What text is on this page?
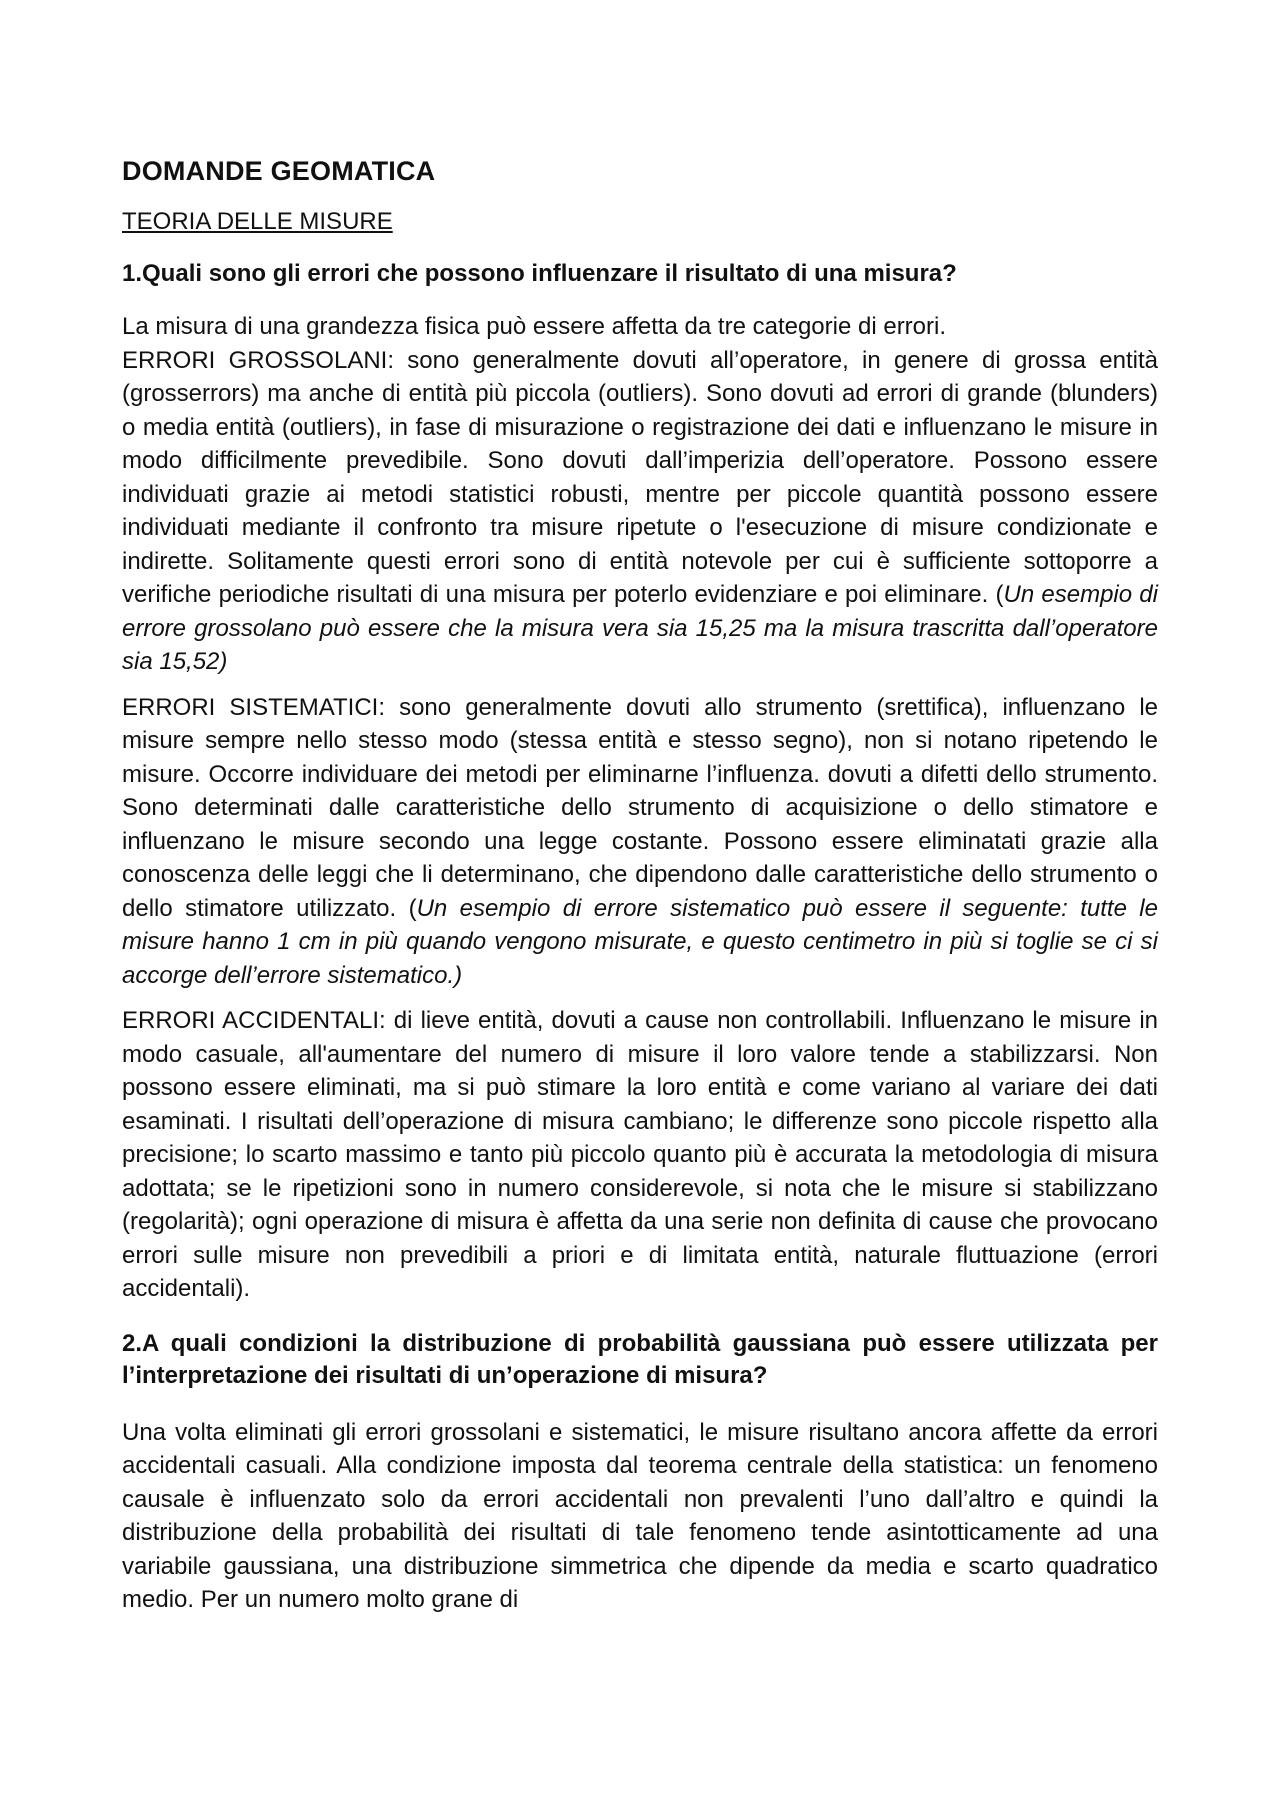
DOMANDE GEOMATICA
TEORIA DELLE MISURE
1.Quali sono gli errori che possono influenzare il risultato di una misura?
La misura di una grandezza fisica può essere affetta da tre categorie di errori.
ERRORI GROSSOLANI: sono generalmente dovuti all’operatore, in genere di grossa entità (grosserrors) ma anche di entità più piccola (outliers). Sono dovuti ad errori di grande (blunders) o media entità (outliers), in fase di misurazione o registrazione dei dati e influenzano le misure in modo difficilmente prevedibile. Sono dovuti dall’imperizia dell’operatore. Possono essere individuati grazie ai metodi statistici robusti, mentre per piccole quantità possono essere individuati mediante il confronto tra misure ripetute o l'esecuzione di misure condizionate e indirette. Solitamente questi errori sono di entità notevole per cui è sufficiente sottoporre a verifiche periodiche risultati di una misura per poterlo evidenziare e poi eliminare. (Un esempio di errore grossolano può essere che la misura vera sia 15,25 ma la misura trascritta dall’operatore sia 15,52)
ERRORI SISTEMATICI: sono generalmente dovuti allo strumento (srettifica), influenzano le misure sempre nello stesso modo (stessa entità e stesso segno), non si notano ripetendo le misure. Occorre individuare dei metodi per eliminarne l’influenza. dovuti a difetti dello strumento. Sono determinati dalle caratteristiche dello strumento di acquisizione o dello stimatore e influenzano le misure secondo una legge costante. Possono essere eliminatati grazie alla conoscenza delle leggi che li determinano, che dipendono dalle caratteristiche dello strumento o dello stimatore utilizzato. (Un esempio di errore sistematico può essere il seguente: tutte le misure hanno 1 cm in più quando vengono misurate, e questo centimetro in più si toglie se ci si accorge dell’errore sistematico.)
ERRORI ACCIDENTALI: di lieve entità, dovuti a cause non controllabili. Influenzano le misure in modo casuale, all'aumentare del numero di misure il loro valore tende a stabilizzarsi. Non possono essere eliminati, ma si può stimare la loro entità e come variano al variare dei dati esaminati. I risultati dell’operazione di misura cambiano; le differenze sono piccole rispetto alla precisione; lo scarto massimo e tanto più piccolo quanto più è accurata la metodologia di misura adottata; se le ripetizioni sono in numero considerevole, si nota che le misure si stabilizzano (regolarità); ogni operazione di misura è affetta da una serie non definita di cause che provocano errori sulle misure non prevedibili a priori e di limitata entità, naturale fluttuazione (errori accidentali).
2.A quali condizioni la distribuzione di probabilità gaussiana può essere utilizzata per l’interpretazione dei risultati di un’operazione di misura?
Una volta eliminati gli errori grossolani e sistematici, le misure risultano ancora affette da errori accidentali casuali. Alla condizione imposta dal teorema centrale della statistica: un fenomeno causale è influenzato solo da errori accidentali non prevalenti l’uno dall’altro e quindi la distribuzione della probabilità dei risultati di tale fenomeno tende asintotticamente ad una variabile gaussiana, una distribuzione simmetrica che dipende da media e scarto quadratico medio. Per un numero molto grane di
